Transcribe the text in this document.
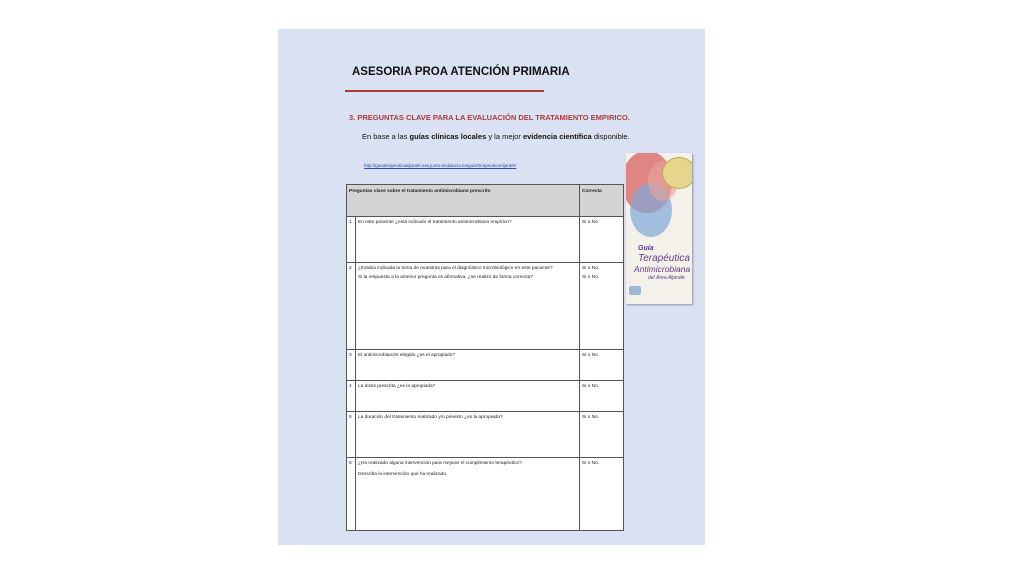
ASESORIA PROA ATENCIÓN PRIMARIA
3. PREGUNTAS CLAVE PARA LA EVALUACIÓN DEL TRATAMIENTO EMPIRICO.
En base a las guías clínicas locales y la mejor evidencia científica disponible.
http://guiaterapeuticaaljarafe.sas.junta-andalucia.es/guiaTerapeuticaAljarafe/
Preguntas clave sobre el tratamiento antimicrobiano prescrito		Correcta
1	En este paciente ¿está indicado el tratamiento antimicrobiano empírico?	Si o No

2	¿Estaba indicada la toma de muestras para el diagnóstico microbiológico en este paciente?
Si la respuesta a la anterior pregunta es afirmativa, ¿se realizó de forma correcta?	Si o No.
Si o No.

3	El antimicrobiano/s elegido ¿es el apropiado?	Si o No

4	La dosis prescrita ¿es la apropiada?	Si o No.

5	La duración del tratamiento realizado y/o previsto ¿es la apropiada?	Si o No.

6	¿Ha realizado alguna intervención para mejorar el cumplimiento terapéutico?
Describa la intervención que ha realizado.	Si o No.
Guía
Terapéutica
Antimicrobiana
del Área Aljarafe
